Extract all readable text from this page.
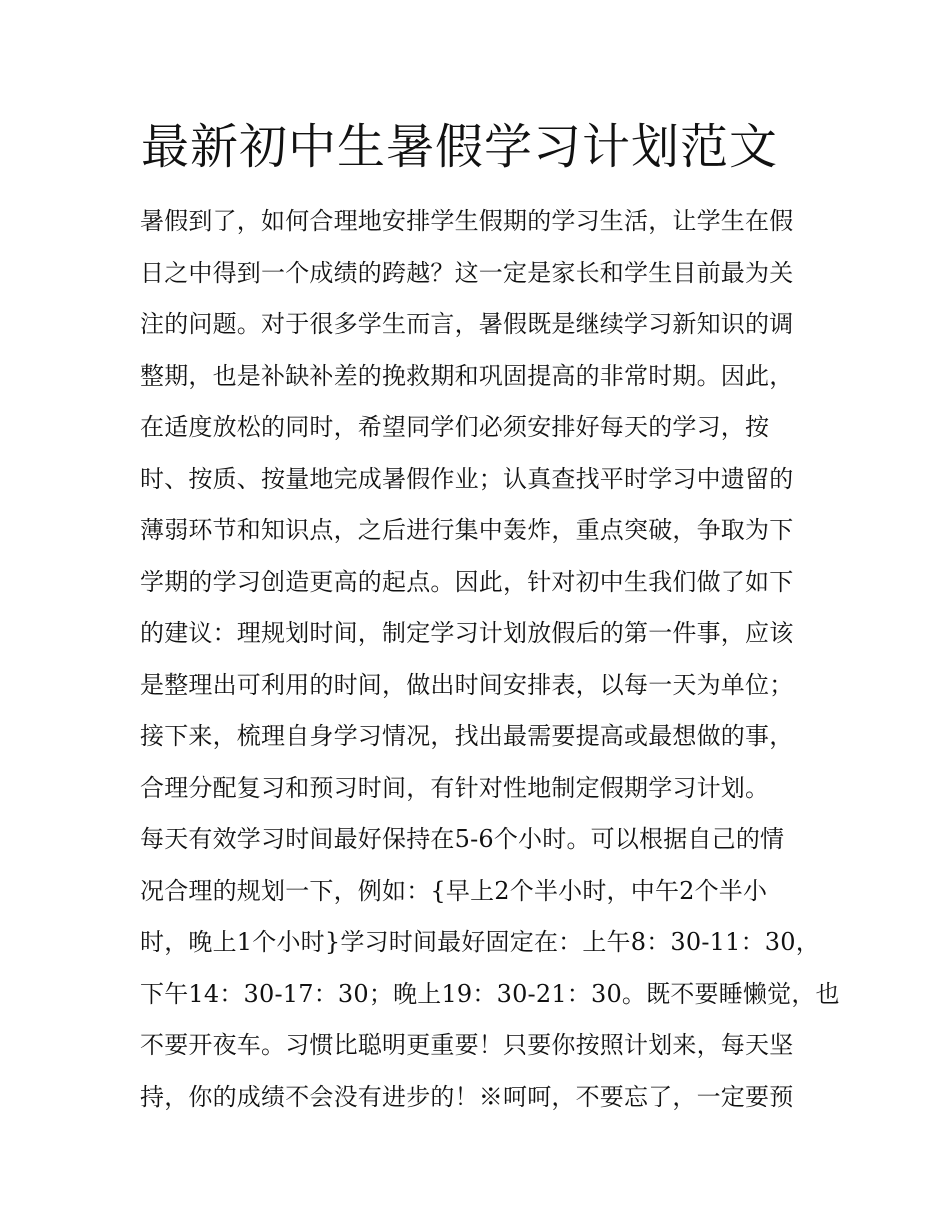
最新初中生暑假学习计划范文
暑假到了，如何合理地安排学生假期的学习生活，让学生在假
日之中得到一个成绩的跨越？这一定是家长和学生目前最为关
注的问题。对于很多学生而言，暑假既是继续学习新知识的调
整期，也是补缺补差的挽救期和巩固提高的非常时期。因此，
在适度放松的同时，希望同学们必须安排好每天的学习，按
时、按质、按量地完成暑假作业；认真查找平时学习中遗留的
薄弱环节和知识点，之后进行集中轰炸，重点突破，争取为下
学期的学习创造更高的起点。因此，针对初中生我们做了如下
的建议：理规划时间，制定学习计划放假后的第一件事，应该
是整理出可利用的时间，做出时间安排表，以每一天为单位；
接下来，梳理自身学习情况，找出最需要提高或最想做的事，
合理分配复习和预习时间，有针对性地制定假期学习计划。
每天有效学习时间最好保持在5-6个小时。可以根据自己的情
况合理的规划一下，例如：{早上2个半小时，中午2个半小
时，晚上1个小时}学习时间最好固定在：上午8：30-11：30，
下午14：30-17：30；晚上19：30-21：30。既不要睡懒觉，也
不要开夜车。习惯比聪明更重要！只要你按照计划来，每天坚
持，你的成绩不会没有进步的！※呵呵，不要忘了，一定要预
